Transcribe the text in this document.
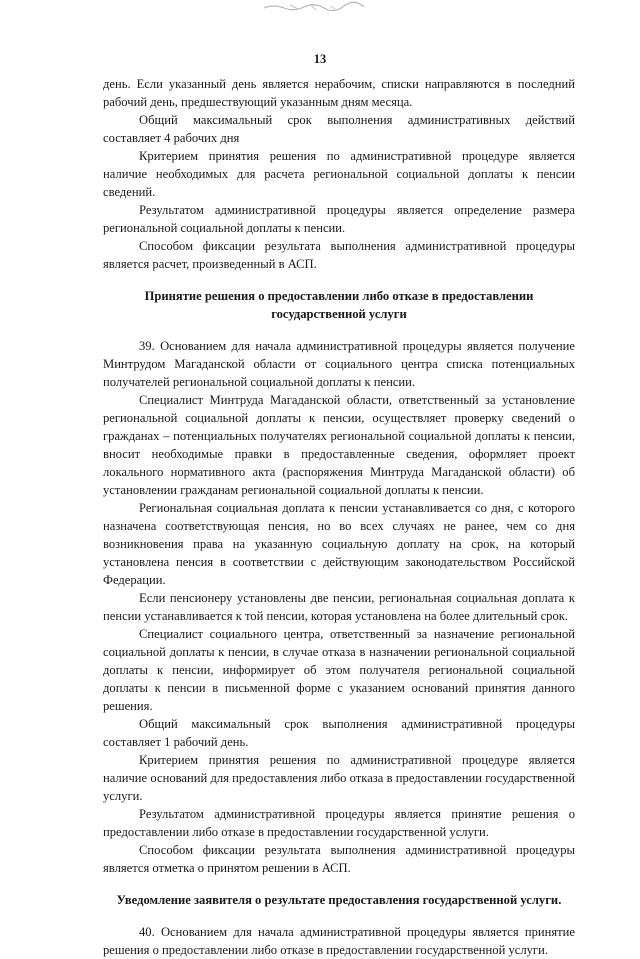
13

день. Если указанный день является нерабочим, списки направляются в последний рабочий день, предшествующий указанным дням месяца.

Общий максимальный срок выполнения административных действий составляет 4 рабочих дня

Критерием принятия решения по административной процедуре является наличие необходимых для расчета региональной социальной доплаты к пенсии сведений.

Результатом административной процедуры является определение размера региональной социальной доплаты к пенсии.

Способом фиксации результата выполнения административной процедуры является расчет, произведенный в АСП.

Принятие решения о предоставлении либо отказе в предоставлении государственной услуги

39. Основанием для начала административной процедуры является получение Минтрудом Магаданской области от социального центра списка потенциальных получателей региональной социальной доплаты к пенсии.

Специалист Минтруда Магаданской области, ответственный за установление региональной социальной доплаты к пенсии, осуществляет проверку сведений о гражданах – потенциальных получателях региональной социальной доплаты к пенсии, вносит необходимые правки в предоставленные сведения, оформляет проект локального нормативного акта (распоряжения Минтруда Магаданской области) об установлении гражданам региональной социальной доплаты к пенсии.

Региональная социальная доплата к пенсии устанавливается со дня, с которого назначена соответствующая пенсия, но во всех случаях не ранее, чем со дня возникновения права на указанную социальную доплату на срок, на который установлена пенсия в соответствии с действующим законодательством Российской Федерации.

Если пенсионеру установлены две пенсии, региональная социальная доплата к пенсии устанавливается к той пенсии, которая установлена на более длительный срок.

Специалист социального центра, ответственный за назначение региональной социальной доплаты к пенсии, в случае отказа в назначении региональной социальной доплаты к пенсии, информирует об этом получателя региональной социальной доплаты к пенсии в письменной форме с указанием оснований принятия данного решения.

Общий максимальный срок выполнения административной процедуры составляет 1 рабочий день.

Критерием принятия решения по административной процедуре является наличие оснований для предоставления либо отказа в предоставлении государственной услуги.

Результатом административной процедуры является принятие решения о предоставлении либо отказе в предоставлении государственной услуги.

Способом фиксации результата выполнения административной процедуры является отметка о принятом решении в АСП.

Уведомление заявителя о результате предоставления государственной услуги.

40. Основанием для начала административной процедуры является принятие решения о предоставлении либо отказе в предоставлении государственной услуги.
